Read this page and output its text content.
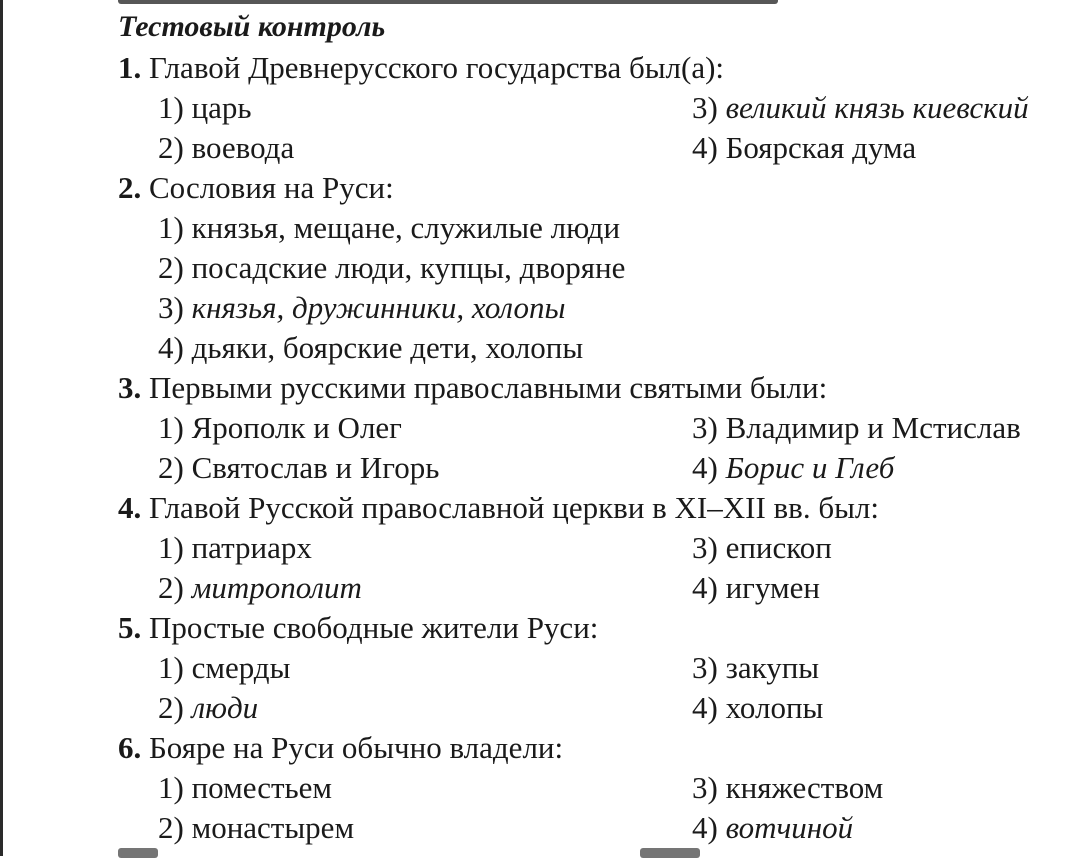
Тестовый контроль
1. Главой Древнерусского государства был(а):
1) царь
2) воевода
3) великий князь киевский
4) Боярская дума
2. Сословия на Руси:
1) князья, мещане, служилые люди
2) посадские люди, купцы, дворяне
3) князья, дружинники, холопы
4) дьяки, боярские дети, холопы
3. Первыми русскими православными святыми были:
1) Ярополк и Олег
2) Святослав и Игорь
3) Владимир и Мстислав
4) Борис и Глеб
4. Главой Русской православной церкви в XI–XII вв. был:
1) патриарх
2) митрополит
3) епископ
4) игумен
5. Простые свободные жители Руси:
1) смерды
2) люди
3) закупы
4) холопы
6. Бояре на Руси обычно владели:
1) поместьем
2) монастырем
3) княжеством
4) вотчиной
